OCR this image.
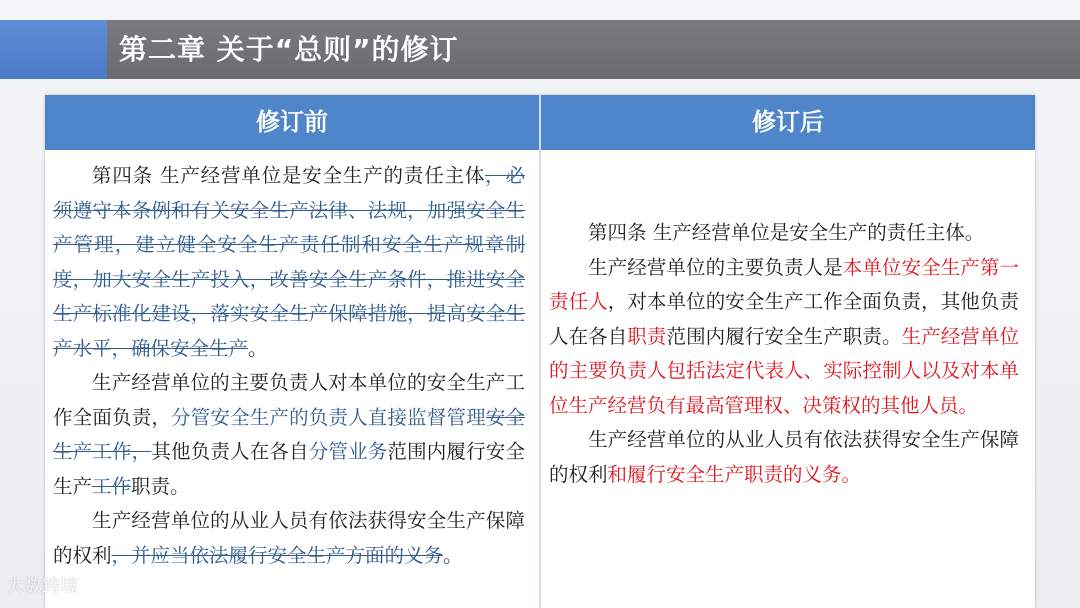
第二章 关于“总则”的修订
修订前	修订后

第四条 生产经营单位是安全生产的责任主体，必须遵守本条例和有关安全生产法律、法规，加强安全生产管理，建立健全安全生产责任制和安全生产规章制度，加大安全生产投入，改善安全生产条件，推进安全生产标准化建设，落实安全生产保障措施，提高安全生产水平，确保安全生产。

生产经营单位的主要负责人对本单位的安全生产工作全面负责，分管安全生产的负责人直接监督管理安全生产工作，其他负责人在各自分管业务范围内履行安全生产工作职责。

生产经营单位的从业人员有依法获得安全生产保障的权利，并应当依法履行安全生产方面的义务。

第四条 生产经营单位是安全生产的责任主体。

生产经营单位的主要负责人是本单位安全生产第一责任人，对本单位的安全生产工作全面负责，其他负责人在各自职责范围内履行安全生产职责。生产经营单位的主要负责人包括法定代表人、实际控制人以及对本单位生产经营负有最高管理权、决策权的其他人员。

生产经营单位的从业人员有依法获得安全生产保障的权利和履行安全生产职责的义务。

大数跨境
